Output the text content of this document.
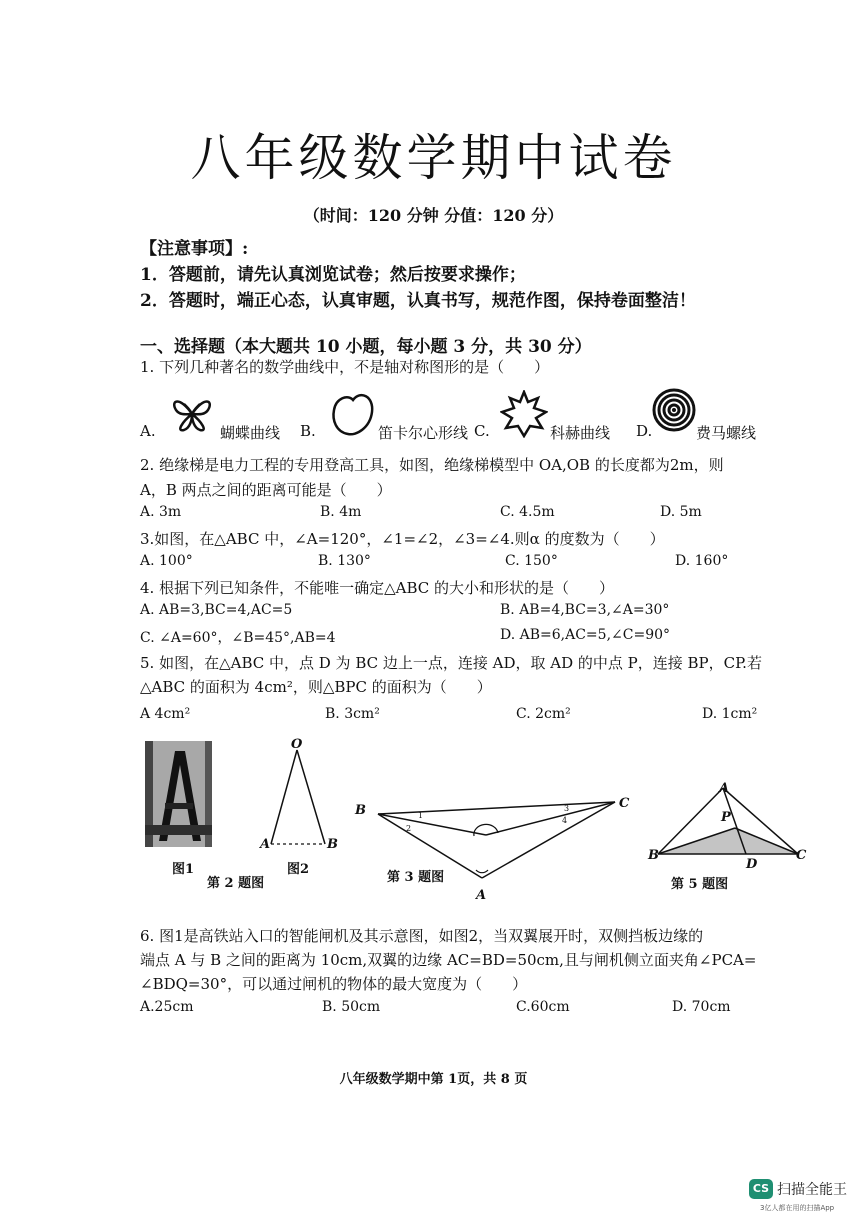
八年级数学期中试卷
（时间：120 分钟 分值：120 分）
【注意事项】:
1．答题前，请先认真浏览试卷；然后按要求操作；
2．答题时，端正心态，认真审题，认真书写，规范作图，保持卷面整洁！
一、选择题（本大题共 10 小题，每小题 3 分，共 30 分）
1. 下列几种著名的数学曲线中，不是轴对称图形的是（　　）
A.	蝴蝶曲线 B.	笛卡尔心形线 C.	科赫曲线 D.	费马螺线
2. 绝缘梯是电力工程的专用登高工具，如图，绝缘梯模型中 OA,OB 的长度都为2m，则
A，B 两点之间的距离可能是（　　）
A. 3m	B. 4m	C. 4.5m	D. 5m
3.如图，在△ABC 中，∠A=120°，∠1=∠2，∠3=∠4.则α 的度数为（　　）
A. 100°	B. 130°	C. 150°	D. 160°
4. 根据下列已知条件，不能唯一确定△ABC 的大小和形状的是（　　）
A. AB=3,BC=4,AC=5	B. AB=4,BC=3,∠A=30°
C. ∠A=60°，∠B=45°,AB=4	D. AB=6,AC=5,∠C=90°
5. 如图，在△ABC 中，点 D 为 BC 边上一点，连接 AD，取 AD 的中点 P，连接 BP，CP.若
△ABC 的面积为 4cm²，则△BPC 的面积为（　　）
A 4cm²	B. 3cm²	C. 2cm²	D. 1cm²
图1
O
A	B
图2
第 2 题图
B	C
A
1
2
3
4
第 3 题图
A
B	C
P
D
第 5 题图
6. 图1是高铁站入口的智能闸机及其示意图，如图2，当双翼展开时，双侧挡板边缘的
端点 A 与 B 之间的距离为 10cm,双翼的边缘 AC=BD=50cm,且与闸机侧立面夹角∠PCA=
∠BDQ=30°，可以通过闸机的物体的最大宽度为（　　）
A.25cm	B. 50cm	C.60cm	D. 70cm
八年级数学期中第 1页，共 8 页
CS 扫描全能王
3亿人都在用的扫描App
